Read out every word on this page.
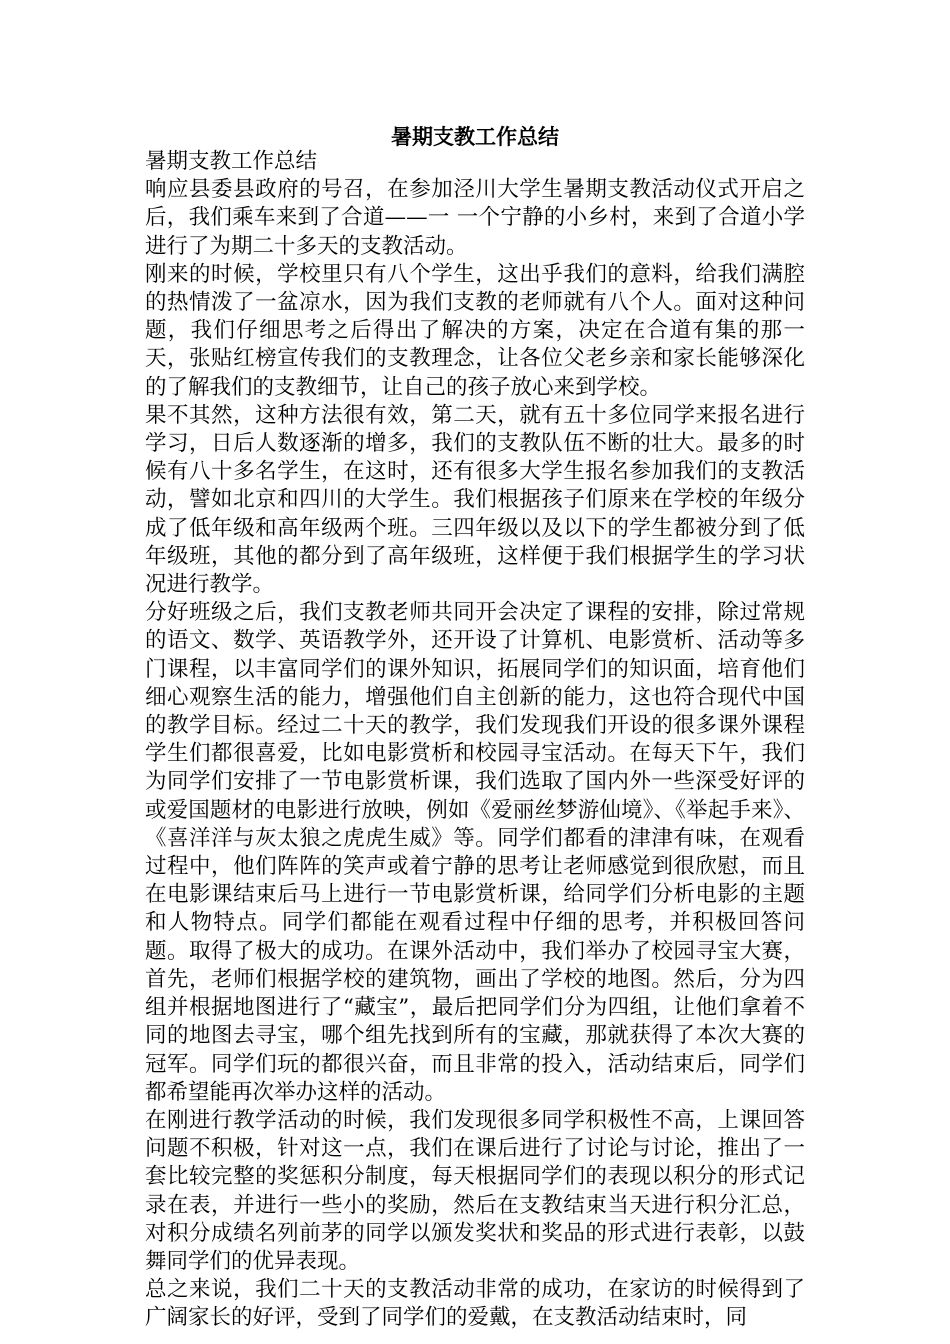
暑期支教工作总结

暑期支教工作总结

响应县委县政府的号召，在参加泾川大学生暑期支教活动仪式开启之后，我们乘车来到了合道——一 一个宁静的小乡村，来到了合道小学进行了为期二十多天的支教活动。

刚来的时候，学校里只有八个学生，这出乎我们的意料，给我们满腔的热情泼了一盆凉水，因为我们支教的老师就有八个人。面对这种问题，我们仔细思考之后得出了解决的方案，决定在合道有集的那一天，张贴红榜宣传我们的支教理念，让各位父老乡亲和家长能够深化的了解我们的支教细节，让自己的孩子放心来到学校。

果不其然，这种方法很有效，第二天，就有五十多位同学来报名进行学习，日后人数逐渐的增多，我们的支教队伍不断的壮大。最多的时候有八十多名学生，在这时，还有很多大学生报名参加我们的支教活动，譬如北京和四川的大学生。我们根据孩子们原来在学校的年级分成了低年级和高年级两个班。三四年级以及以下的学生都被分到了低年级班，其他的都分到了高年级班，这样便于我们根据学生的学习状况进行教学。

分好班级之后，我们支教老师共同开会决定了课程的安排，除过常规的语文、数学、英语教学外，还开设了计算机、电影赏析、活动等多门课程，以丰富同学们的课外知识，拓展同学们的知识面，培育他们细心观察生活的能力，增强他们自主创新的能力，这也符合现代中国的教学目标。经过二十天的教学，我们发现我们开设的很多课外课程学生们都很喜爱，比如电影赏析和校园寻宝活动。在每天下午，我们为同学们安排了一节电影赏析课，我们选取了国内外一些深受好评的或爱国题材的电影进行放映，例如《爱丽丝梦游仙境》、《举起手来》、《喜洋洋与灰太狼之虎虎生威》等。同学们都看的津津有味，在观看过程中，他们阵阵的笑声或着宁静的思考让老师感觉到很欣慰，而且在电影课结束后马上进行一节电影赏析课，给同学们分析电影的主题和人物特点。同学们都能在观看过程中仔细的思考，并积极回答问题。取得了极大的成功。在课外活动中，我们举办了校园寻宝大赛，首先，老师们根据学校的建筑物，画出了学校的地图。然后，分为四组并根据地图进行了“藏宝”，最后把同学们分为四组，让他们拿着不同的地图去寻宝，哪个组先找到所有的宝藏，那就获得了本次大赛的冠军。同学们玩的都很兴奋，而且非常的投入，活动结束后，同学们都希望能再次举办这样的活动。

在刚进行教学活动的时候，我们发现很多同学积极性不高，上课回答问题不积极，针对这一点，我们在课后进行了讨论与讨论，推出了一套比较完整的奖惩积分制度，每天根据同学们的表现以积分的形式记录在表，并进行一些小的奖励，然后在支教结束当天进行积分汇总，对积分成绩名列前茅的同学以颁发奖状和奖品的形式进行表彰，以鼓舞同学们的优异表现。

总之来说，我们二十天的支教活动非常的成功，在家访的时候得到了广阔家长的好评，受到了同学们的爱戴，在支教活动结束时，同
